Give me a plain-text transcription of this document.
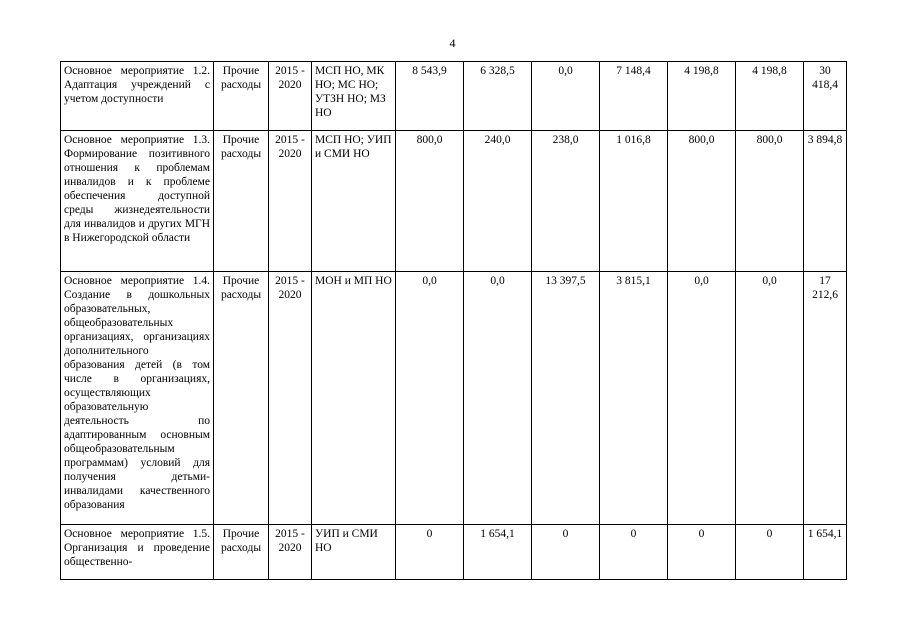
4
Основное мероприятие 1.2. Адаптация учреждений с учетом доступности	Прочие расходы	2015 - 2020	МСП НО, МК НО; МС НО; УТЗН НО; МЗ НО	8 543,9	6 328,5	0,0	7 148,4	4 198,8	4 198,8	30 418,4
Основное мероприятие 1.3. Формирование позитивного отношения к проблемам инвалидов и к проблеме обеспечения доступной среды жизнедеятельности для инвалидов и других МГН в Нижегородской области	Прочие расходы	2015 - 2020	МСП НО; УИП и СМИ НО	800,0	240,0	238,0	1 016,8	800,0	800,0	3 894,8
Основное мероприятие 1.4. Создание в дошкольных образовательных, общеобразовательных организациях, организациях дополнительного образования детей (в том числе в организациях, осуществляющих образовательную деятельность по адаптированным основным общеобразовательным программам) условий для получения детьми-инвалидами качественного образования	Прочие расходы	2015 - 2020	МОН и МП НО	0,0	0,0	13 397,5	3 815,1	0,0	0,0	17 212,6
Основное мероприятие 1.5. Организация и проведение общественно-	Прочие расходы	2015 - 2020	УИП и СМИ НО	0	1 654,1	0	0	0	0	1 654,1
